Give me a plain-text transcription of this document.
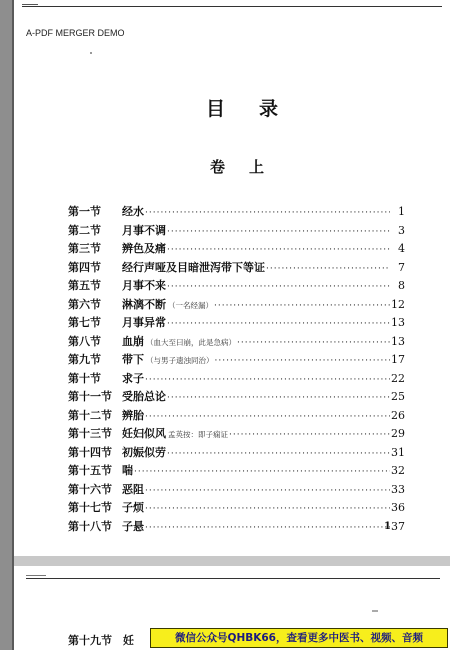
A-PDF MERGER DEMO
目录
卷上
第一节	经水 ·····	1
第二节	月事不调 ·····	3
第三节	辨色及痛 ·····	4
第四节	经行声哑及目暗泄泻带下等证 ·····	7
第五节	月事不来 ·····	8
第六节	淋漓不断 （一名经漏） ·····	12
第七节	月事异常 ·····	13
第八节	血崩 （血大至曰崩，此是急病） ·····	13
第九节	带下 （与男子遗浊同治） ·····	17
第十节	求子 ·····	22
第十一节 受胎总论 ·····	25
第十二节 辨胎 ·····	26
第十三节 妊妇似风 孟英按：即子痫证 ·····	29
第十四节 初娠似劳 ·····	31
第十五节 喘 ·····	32
第十六节 恶阻 ·····	33
第十七节 子烦 ·····	36
第十八节 子悬 ·····	37
1
第十九节　妊	微信公众号QHBK66，查看更多中医书、视频、音频
